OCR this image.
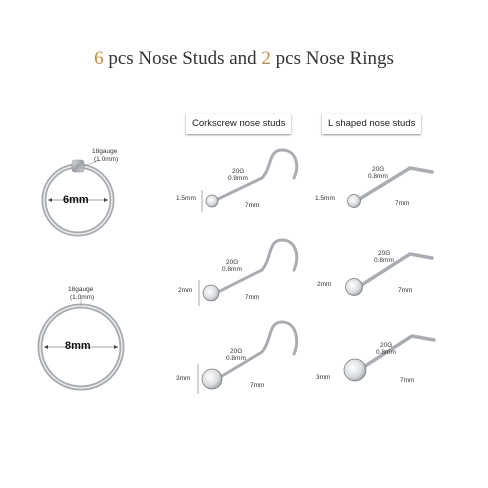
6 pcs Nose Studs and 2 pcs Nose Rings
Corkscrew nose studs	L shaped nose studs
18gauge
(1.0mm)
6mm
18gauge
(1.0mm)
8mm
1.5mm
20G
0.8mm
7mm
2mm
20G
0.8mm
7mm
3mm
20G
0.8mm
7mm
1.5mm
20G
0.8mm
7mm
2mm
20G
0.8mm
7mm
3mm
20G
0.8mm
7mm
